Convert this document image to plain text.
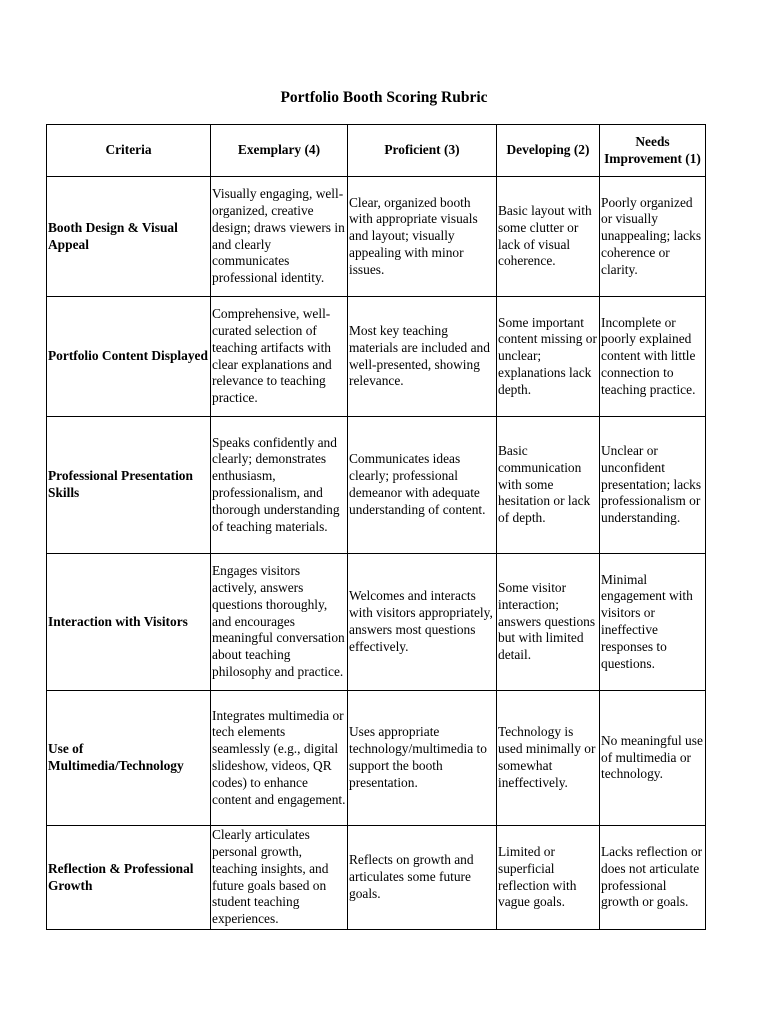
Portfolio Booth Scoring Rubric
Criteria	Exemplary (4)	Proficient (3)	Developing (2)	Needs Improvement (1)
Booth Design & Visual Appeal	Visually engaging, well-organized, creative design; draws viewers in and clearly communicates professional identity.	Clear, organized booth with appropriate visuals and layout; visually appealing with minor issues.	Basic layout with some clutter or lack of visual coherence.	Poorly organized or visually unappealing; lacks coherence or clarity.
Portfolio Content Displayed	Comprehensive, well-curated selection of teaching artifacts with clear explanations and relevance to teaching practice.	Most key teaching materials are included and well-presented, showing relevance.	Some important content missing or unclear; explanations lack depth.	Incomplete or poorly explained content with little connection to teaching practice.
Professional Presentation Skills	Speaks confidently and clearly; demonstrates enthusiasm, professionalism, and thorough understanding of teaching materials.	Communicates ideas clearly; professional demeanor with adequate understanding of content.	Basic communication with some hesitation or lack of depth.	Unclear or unconfident presentation; lacks professionalism or understanding.
Interaction with Visitors	Engages visitors actively, answers questions thoroughly, and encourages meaningful conversation about teaching philosophy and practice.	Welcomes and interacts with visitors appropriately, answers most questions effectively.	Some visitor interaction; answers questions but with limited detail.	Minimal engagement with visitors or ineffective responses to questions.
Use of Multimedia/Technology	Integrates multimedia or tech elements seamlessly (e.g., digital slideshow, videos, QR codes) to enhance content and engagement.	Uses appropriate technology/multimedia to support the booth presentation.	Technology is used minimally or somewhat ineffectively.	No meaningful use of multimedia or technology.
Reflection & Professional Growth	Clearly articulates personal growth, teaching insights, and future goals based on student teaching experiences.	Reflects on growth and articulates some future goals.	Limited or superficial reflection with vague goals.	Lacks reflection or does not articulate professional growth or goals.
